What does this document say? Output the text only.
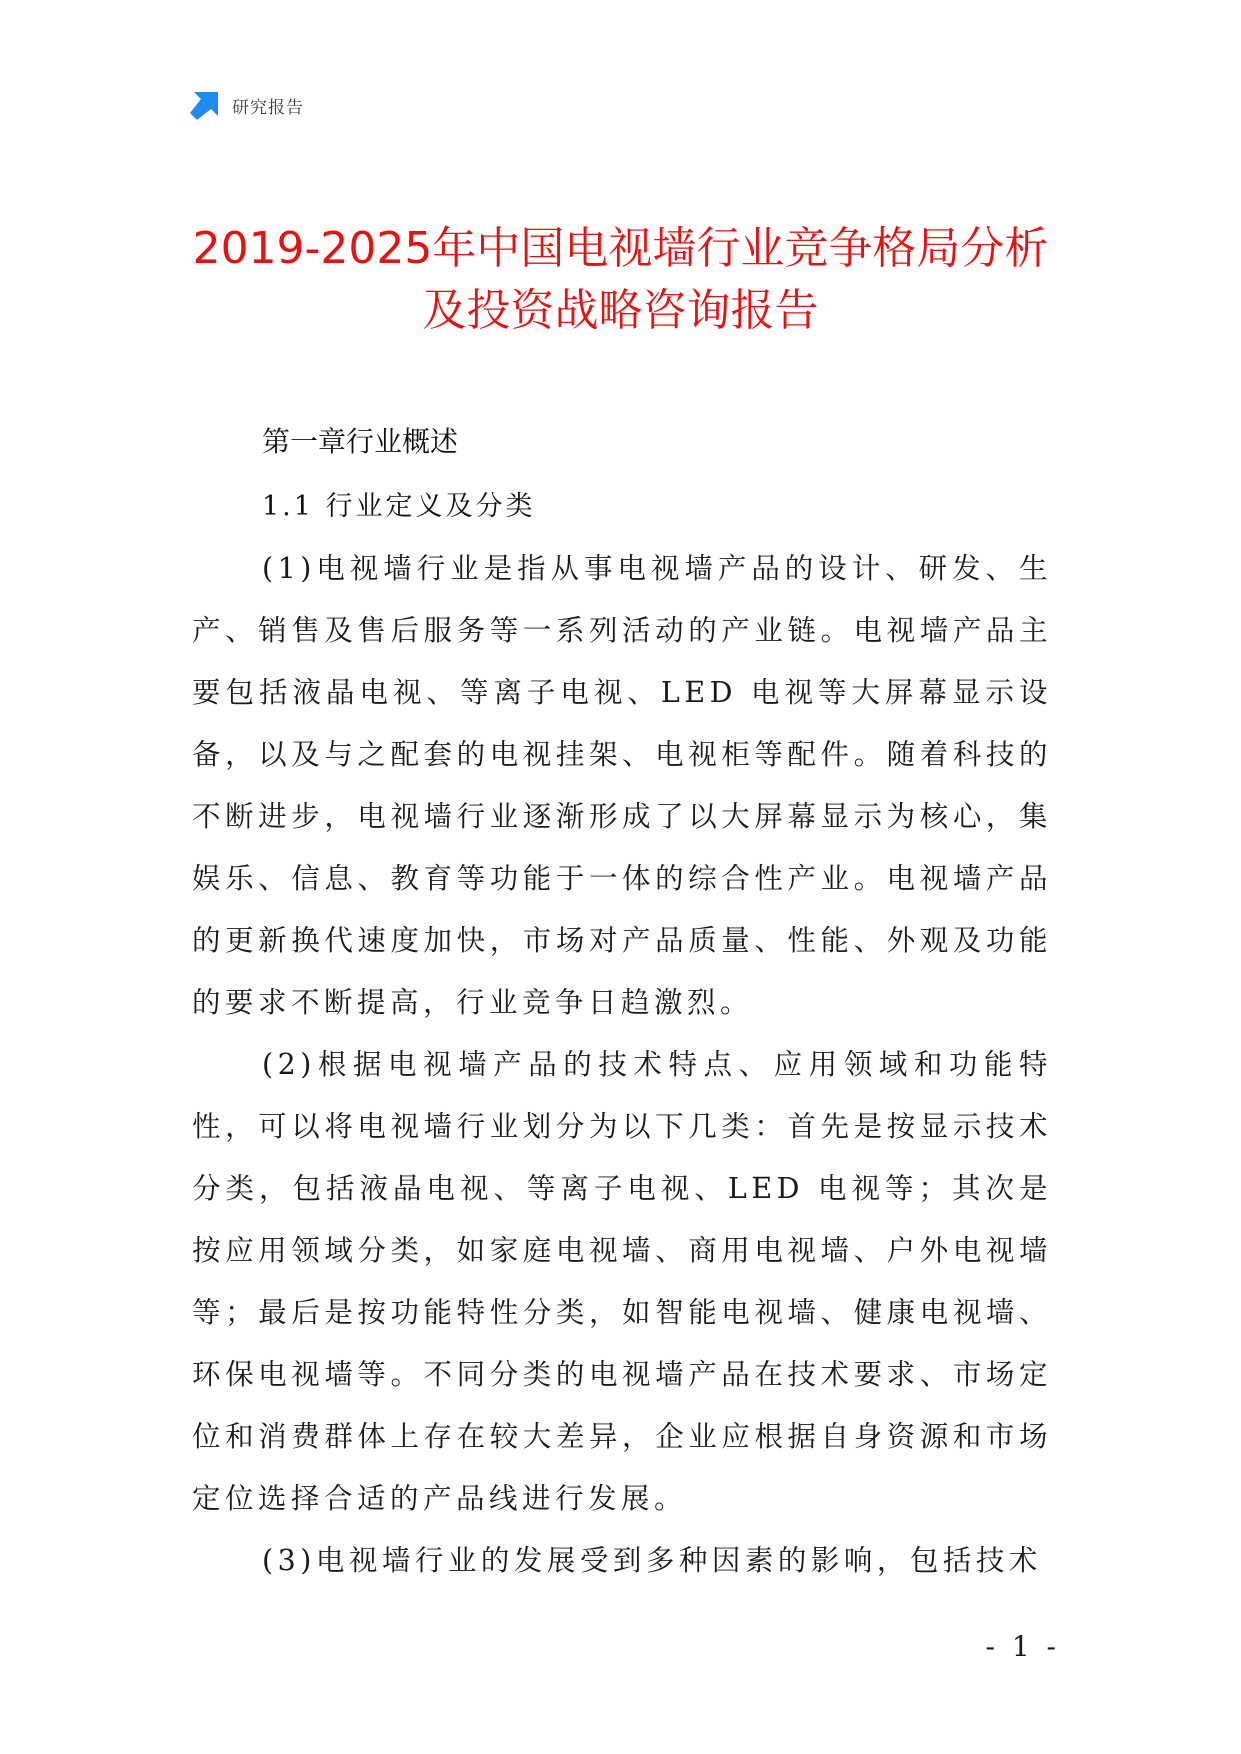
研究报告
2019-2025年中国电视墙行业竞争格局分析
及投资战略咨询报告
第一章行业概述
1.1 行业定义及分类

(1)电视墙行业是指从事电视墙产品的设计、研发、生产、销售及售后服务等一系列活动的产业链。电视墙产品主要包括液晶电视、等离子电视、LED 电视等大屏幕显示设备，以及与之配套的电视挂架、电视柜等配件。随着科技的不断进步，电视墙行业逐渐形成了以大屏幕显示为核心，集娱乐、信息、教育等功能于一体的综合性产业。电视墙产品的更新换代速度加快，市场对产品质量、性能、外观及功能的要求不断提高，行业竞争日趋激烈。

(2)根据电视墙产品的技术特点、应用领域和功能特性，可以将电视墙行业划分为以下几类：首先是按显示技术分类，包括液晶电视、等离子电视、LED 电视等；其次是按应用领域分类，如家庭电视墙、商用电视墙、户外电视墙等；最后是按功能特性分类，如智能电视墙、健康电视墙、环保电视墙等。不同分类的电视墙产品在技术要求、市场定位和消费群体上存在较大差异，企业应根据自身资源和市场定位选择合适的产品线进行发展。

(3)电视墙行业的发展受到多种因素的影响，包括技术

- 1 -
